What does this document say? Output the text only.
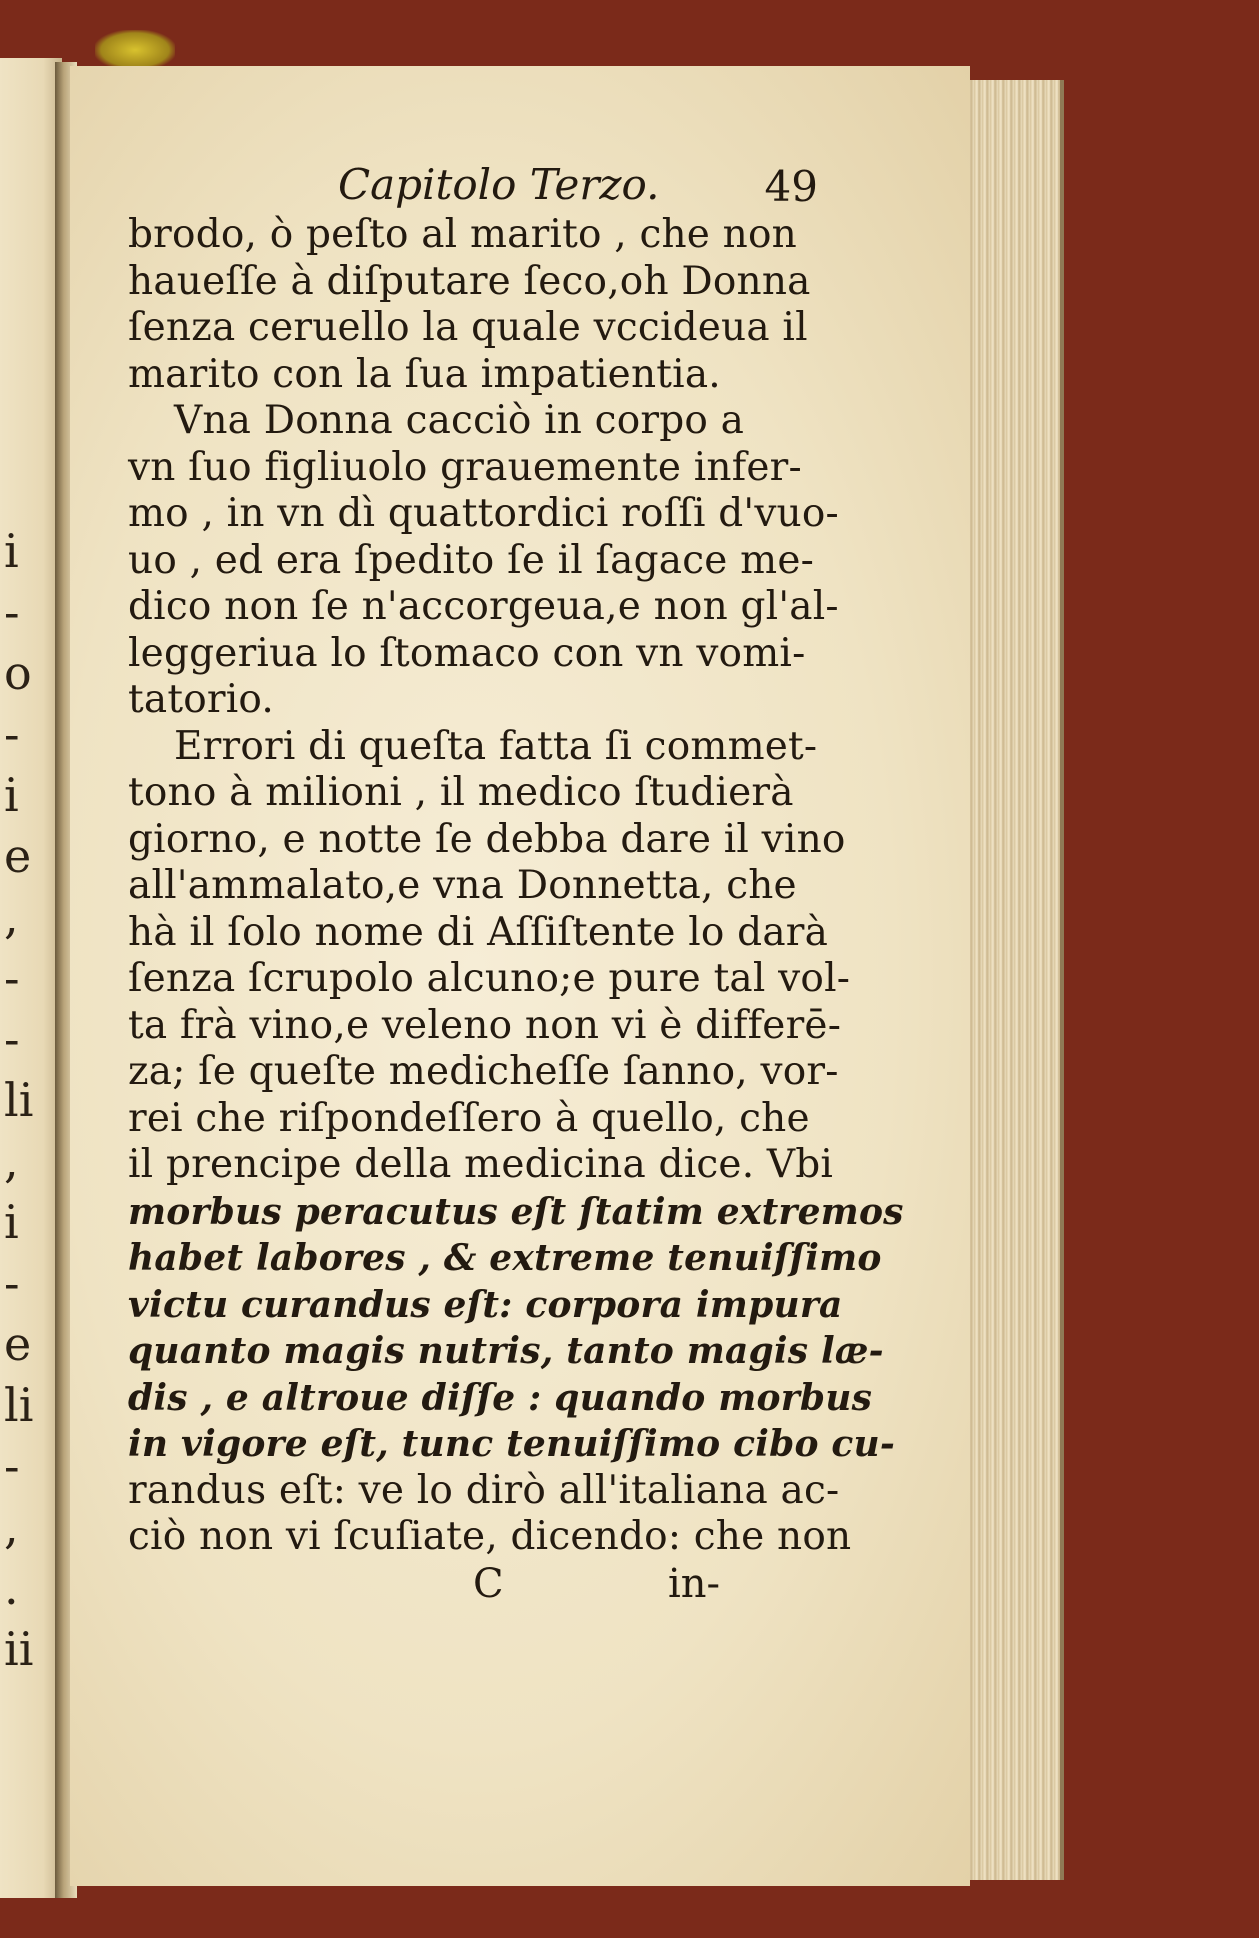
i
-
o
-
i
e
,
-
-
li
,
i
-
e
li
-
,
.
ii
Capitolo Terzo.	49
brodo, ò peſto al marito , che non
haueſſe à diſputare ſeco,oh Donna
ſenza ceruello la quale vccideua il
marito con la ſua impatientia.
Vna Donna cacciò in corpo a
vn ſuo figliuolo grauemente infer-
mo , in vn dì quattordici roſſi d'vuo-
uo , ed era ſpedito ſe il ſagace me-
dico non ſe n'accorgeua,e non gl'al-
leggeriua lo ſtomaco con vn vomi-
tatorio.
Errori di queſta fatta ſi commet-
tono à milioni , il medico ſtudierà
giorno, e notte ſe debba dare il vino
all'ammalato,e vna Donnetta, che
hà il ſolo nome di Aſſiſtente lo darà
ſenza ſcrupolo alcuno;e pure tal vol-
ta frà vino,e veleno non vi è differē-
za; ſe queſte medicheſſe ſanno, vor-
rei che riſpondeſſero à quello, che
il prencipe della medicina dice. Vbi
morbus peracutus eſt ſtatim extremos
habet labores , & extreme tenuiſſimo
victu curandus eſt: corpora impura
quanto magis nutris, tanto magis læ-
dis , e altroue diſſe : quando morbus
in vigore eſt, tunc tenuiſſimo cibo cu-
randus eſt: ve lo dirò all'italiana ac-
ciò non vi ſcuſiate, dicendo: che non
C	in-
